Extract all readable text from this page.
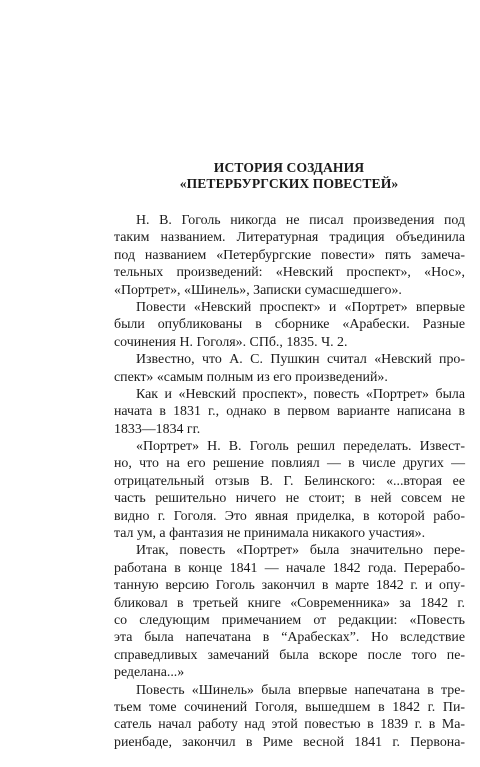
ИСТОРИЯ СОЗДАНИЯ
«ПЕТЕРБУРГСКИХ ПОВЕСТЕЙ»
Н. В. Гоголь никогда не писал произведения под
таким названием. Литературная традиция объединила
под названием «Петербургские повести» пять замеча-
тельных произведений: «Невский проспект», «Нос»,
«Портрет», «Шинель», Записки сумасшедшего».
Повести «Невский проспект» и «Портрет» впервые
были опубликованы в сборнике «Арабески. Разные
сочинения Н. Гоголя». СПб., 1835. Ч. 2.
Известно, что А. С. Пушкин считал «Невский про-
спект» «самым полным из его произведений».
Как и «Невский проспект», повесть «Портрет» была
начата в 1831 г., однако в первом варианте написана в
1833—1834 гг.
«Портрет» Н. В. Гоголь решил переделать. Извест-
но, что на его решение повлиял — в числе других —
отрицательный отзыв В. Г. Белинского: «...вторая ее
часть решительно ничего не стоит; в ней совсем не
видно г. Гоголя. Это явная приделка, в которой рабо-
тал ум, а фантазия не принимала никакого участия».
Итак, повесть «Портрет» была значительно пере-
работана в конце 1841 — начале 1842 года. Перерабо-
танную версию Гоголь закончил в марте 1842 г. и опу-
бликовал в третьей книге «Современника» за 1842 г.
со следующим примечанием от редакции: «Повесть
эта была напечатана в “Арабесках”. Но вследствие
справедливых замечаний была вскоре после того пе-
ределана...»
Повесть «Шинель» была впервые напечатана в тре-
тьем томе сочинений Гоголя, вышедшем в 1842 г. Пи-
сатель начал работу над этой повестью в 1839 г. в Ма-
риенбаде, закончил в Риме весной 1841 г. Первона-
